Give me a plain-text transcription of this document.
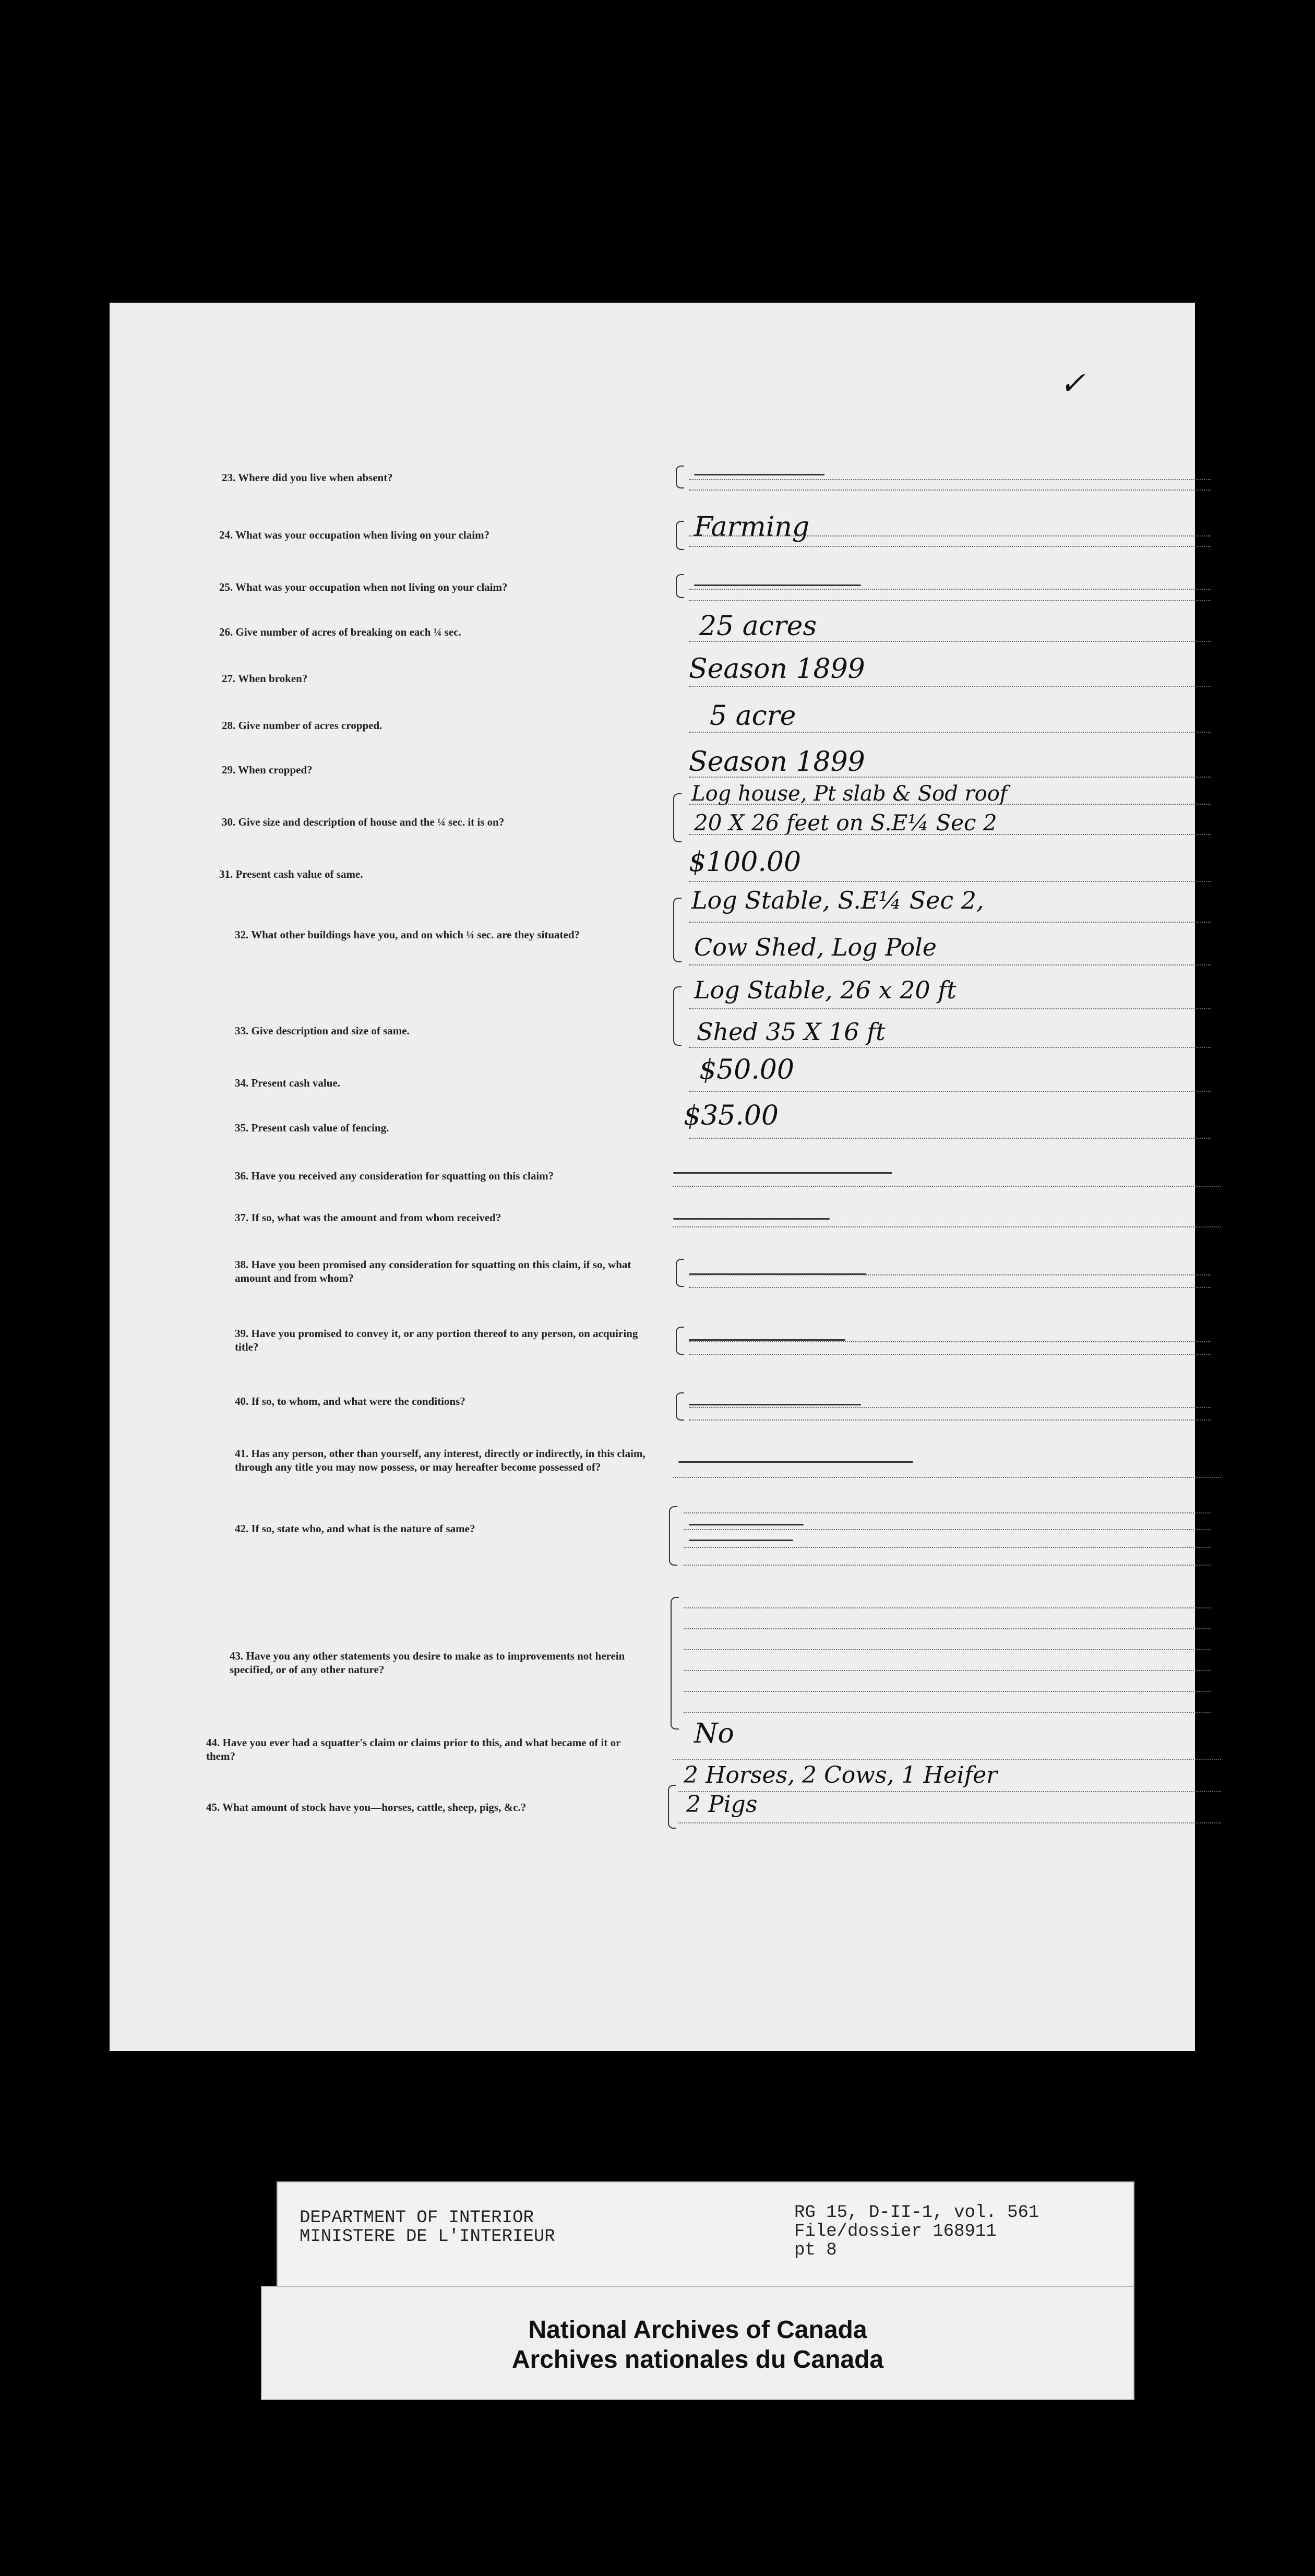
✓
23. Where did you live when absent?
24. What was your occupation when living on your claim?	Farming
25. What was your occupation when not living on your claim?
26. Give number of acres of breaking on each ¼ sec.	25 acres
27. When broken?	Season 1899
28. Give number of acres cropped.	5 acre
29. When cropped?	Season 1899
30. Give size and description of house and the ¼ sec. it is on?
Log house, Pt slab & Sod roof
20 X 26 feet on S.E¼ Sec 2
31. Present cash value of same.	$100.00
32. What other buildings have you, and on which ¼ sec. are they situated?
Log Stable, S.E¼ Sec 2,
Cow Shed, Log Pole
33. Give description and size of same.
Log Stable, 26 x 20 ft
Shed 35 X 16 ft
34. Present cash value.	$50.00
35. Present cash value of fencing.	$35.00
36. Have you received any consideration for squatting on this claim?
37. If so, what was the amount and from whom received?
38. Have you been promised any consideration for squatting on this claim, if so, what amount and from whom?
39. Have you promised to convey it, or any portion thereof to any person, on acquiring title?
40. If so, to whom, and what were the conditions?
41. Has any person, other than yourself, any interest, directly or indirectly, in this claim, through any title you may now possess, or may hereafter become possessed of?
42. If so, state who, and what is the nature of same?
43. Have you any other statements you desire to make as to improvements not herein specified, or of any other nature?
44. Have you ever had a squatter's claim or claims prior to this, and what became of it or them?
No
45. What amount of stock have you—horses, cattle, sheep, pigs, &c.?
2 Horses, 2 Cows, 1 Heifer
2 Pigs
DEPARTMENT OF INTERIOR
MINISTERE DE L'INTERIEUR
RG 15, D-II-1, vol. 561
File/dossier 168911
pt 8
National Archives of Canada
Archives nationales du Canada
